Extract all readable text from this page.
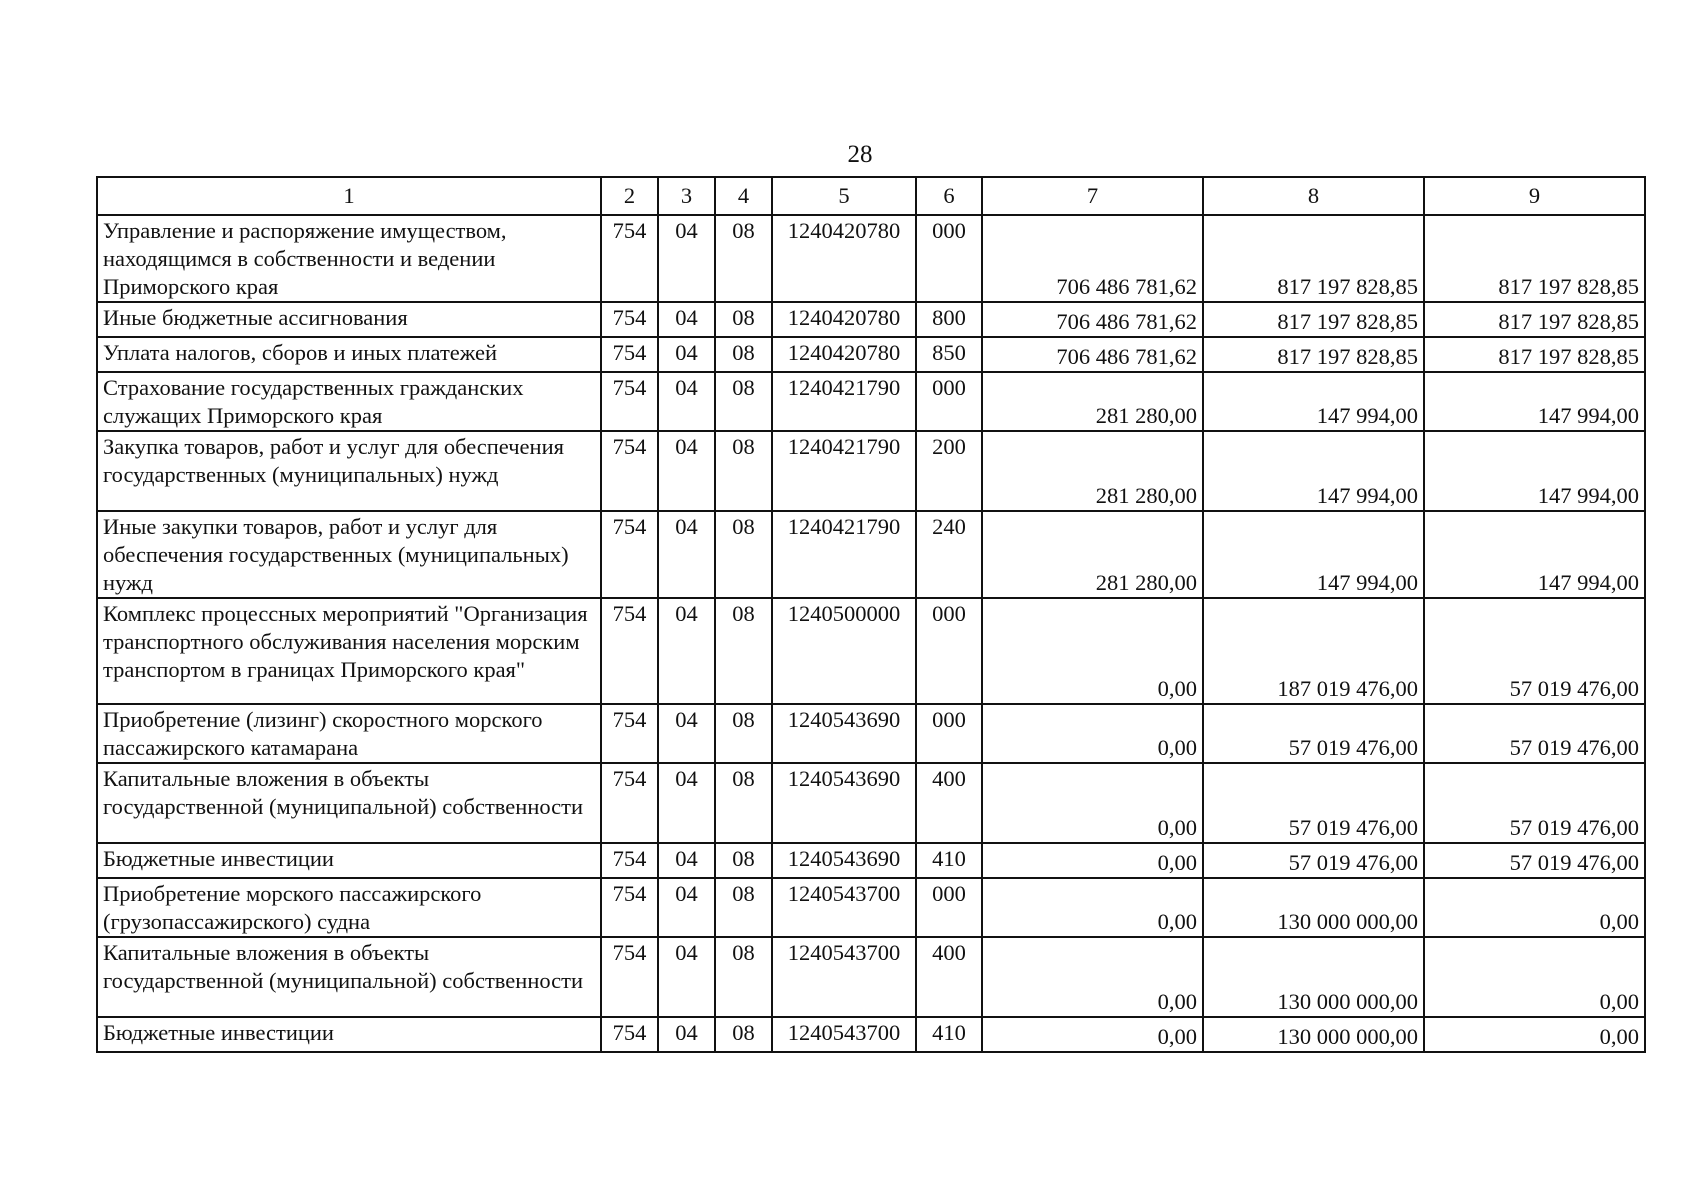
28
1	2	3	4	5	6	7	8	9
Управление и распоряжение имуществом, находящимся в собственности и ведении Приморского края	754	04	08	1240420780	000	706 486 781,62	817 197 828,85	817 197 828,85
Иные бюджетные ассигнования	754	04	08	1240420780	800	706 486 781,62	817 197 828,85	817 197 828,85
Уплата налогов, сборов и иных платежей	754	04	08	1240420780	850	706 486 781,62	817 197 828,85	817 197 828,85
Страхование государственных гражданских служащих Приморского края	754	04	08	1240421790	000	281 280,00	147 994,00	147 994,00
Закупка товаров, работ и услуг для обеспечения государственных (муниципальных) нужд	754	04	08	1240421790	200	281 280,00	147 994,00	147 994,00
Иные закупки товаров, работ и услуг для обеспечения государственных (муниципальных) нужд	754	04	08	1240421790	240	281 280,00	147 994,00	147 994,00
Комплекс процессных мероприятий "Организация транспортного обслуживания населения морским транспортом в границах Приморского края"	754	04	08	1240500000	000	0,00	187 019 476,00	57 019 476,00
Приобретение (лизинг) скоростного морского пассажирского катамарана	754	04	08	1240543690	000	0,00	57 019 476,00	57 019 476,00
Капитальные вложения в объекты государственной (муниципальной) собственности	754	04	08	1240543690	400	0,00	57 019 476,00	57 019 476,00
Бюджетные инвестиции	754	04	08	1240543690	410	0,00	57 019 476,00	57 019 476,00
Приобретение морского пассажирского (грузопассажирского) судна	754	04	08	1240543700	000	0,00	130 000 000,00	0,00
Капитальные вложения в объекты государственной (муниципальной) собственности	754	04	08	1240543700	400	0,00	130 000 000,00	0,00
Бюджетные инвестиции	754	04	08	1240543700	410	0,00	130 000 000,00	0,00
